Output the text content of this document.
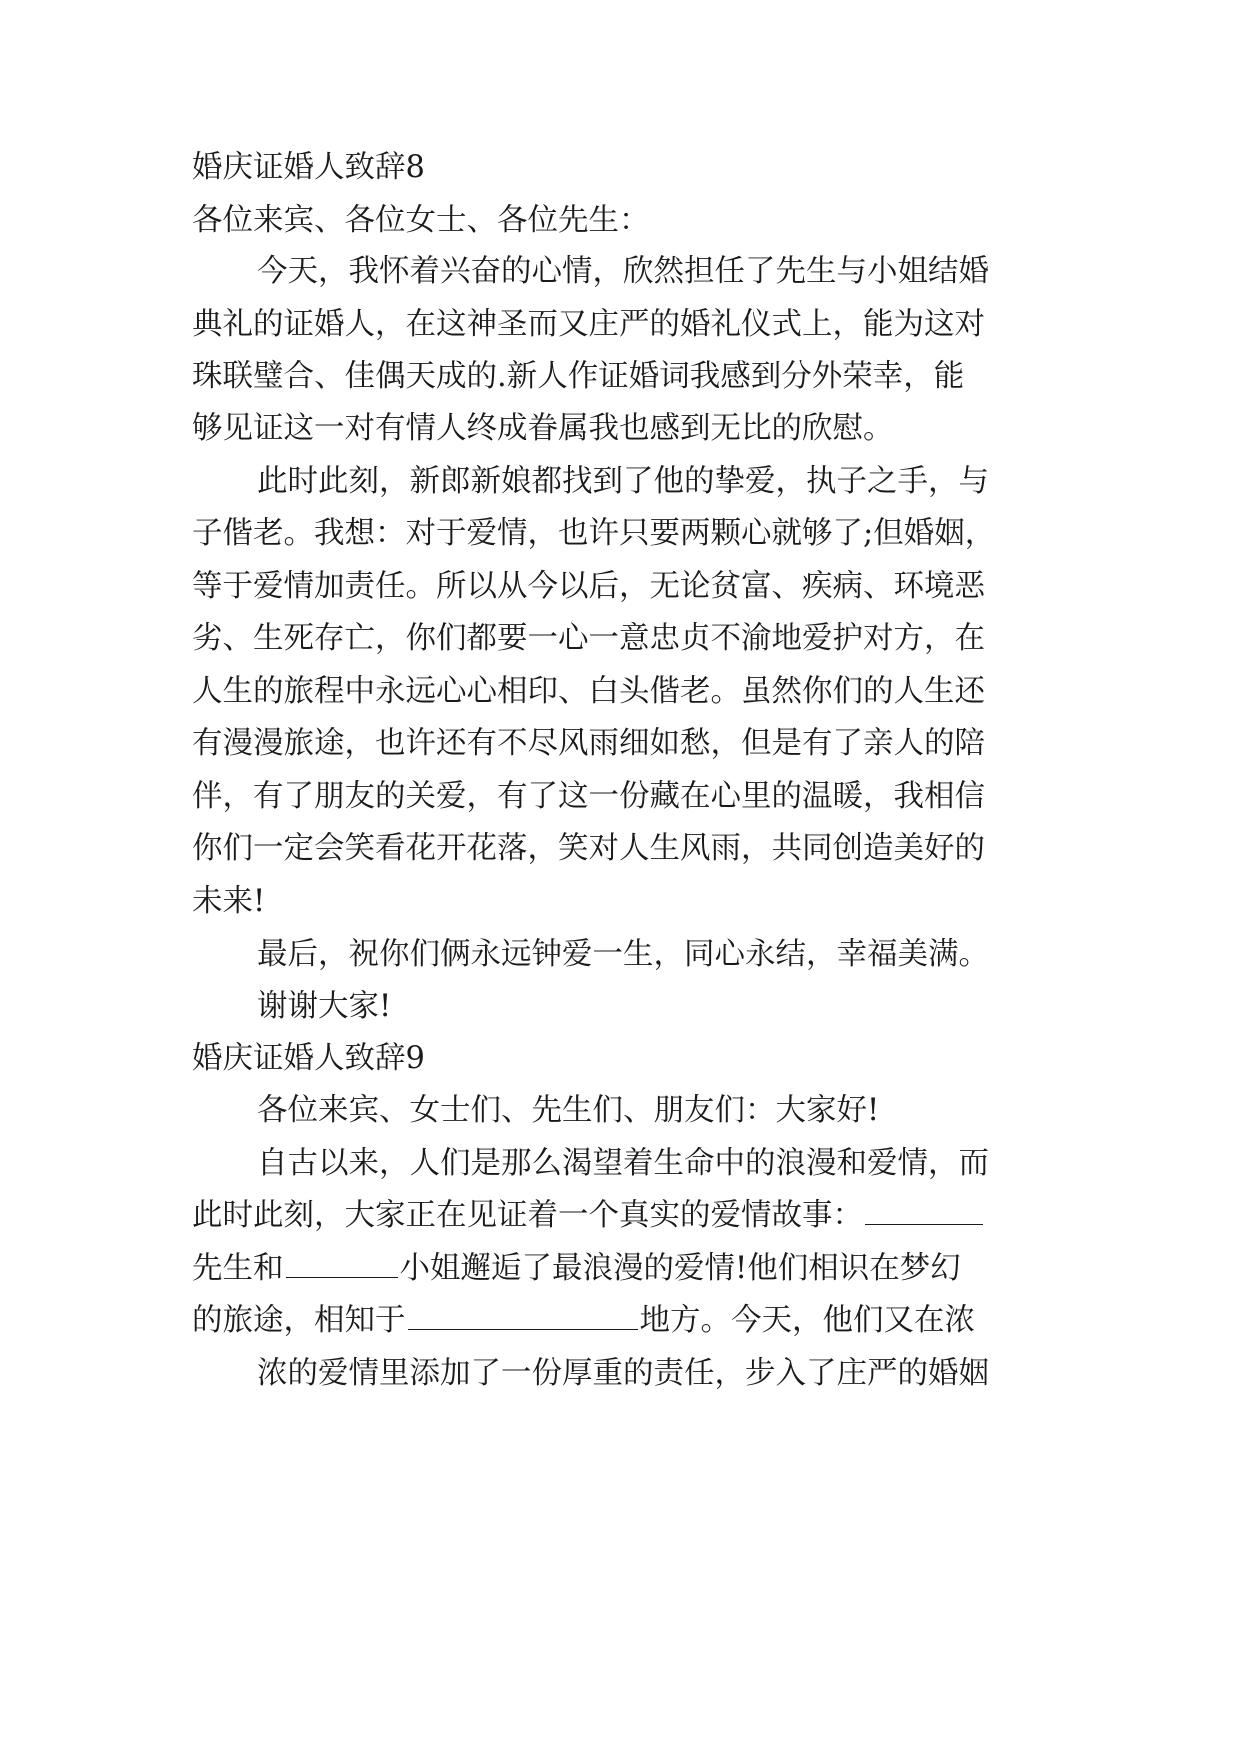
婚庆证婚人致辞8
各位来宾、各位女士、各位先生：
今天，我怀着兴奋的心情，欣然担任了先生与小姐结婚
典礼的证婚人，在这神圣而又庄严的婚礼仪式上，能为这对
珠联璧合、佳偶天成的.新人作证婚词我感到分外荣幸，能
够见证这一对有情人终成眷属我也感到无比的欣慰。
此时此刻，新郎新娘都找到了他的挚爱，执子之手，与
子偕老。我想：对于爱情，也许只要两颗心就够了;但婚姻，
等于爱情加责任。所以从今以后，无论贫富、疾病、环境恶
劣、生死存亡，你们都要一心一意忠贞不渝地爱护对方，在
人生的旅程中永远心心相印、白头偕老。虽然你们的人生还
有漫漫旅途，也许还有不尽风雨细如愁，但是有了亲人的陪
伴，有了朋友的关爱，有了这一份藏在心里的温暖，我相信
你们一定会笑看花开花落，笑对人生风雨，共同创造美好的
未来!
最后，祝你们俩永远钟爱一生，同心永结，幸福美满。
谢谢大家!
婚庆证婚人致辞9
各位来宾、女士们、先生们、朋友们：大家好!
自古以来，人们是那么渴望着生命中的浪漫和爱情，而
此时此刻，大家正在见证着一个真实的爱情故事：
先生和	小姐邂逅了最浪漫的爱情!他们相识在梦幻
的旅途，相知于	地方。今天，他们又在浓
浓的爱情里添加了一份厚重的责任，步入了庄严的婚姻
